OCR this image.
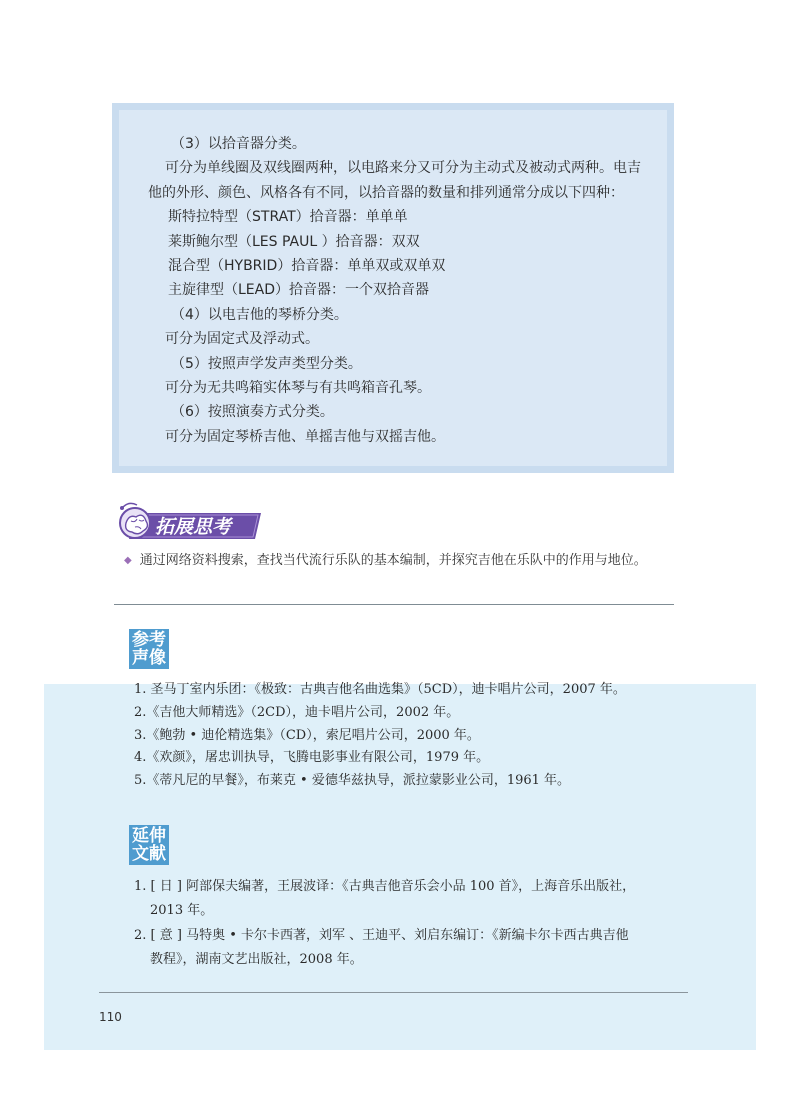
（3）以拾音器分类。
可分为单线圈及双线圈两种，以电路来分又可分为主动式及被动式两种。电吉
他的外形、颜色、风格各有不同，以拾音器的数量和排列通常分成以下四种：
斯特拉特型（STRAT）拾音器：单单单
莱斯鲍尔型（LES PAUL ）拾音器：双双
混合型（HYBRID）拾音器：单单双或双单双
主旋律型（LEAD）拾音器：一个双拾音器
（4）以电吉他的琴桥分类。
可分为固定式及浮动式。
（5）按照声学发声类型分类。
可分为无共鸣箱实体琴与有共鸣箱音孔琴。
（6）按照演奏方式分类。
可分为固定琴桥吉他、单摇吉他与双摇吉他。
拓展思考
◆ 通过网络资料搜索，查找当代流行乐队的基本编制，并探究吉他在乐队中的作用与地位。
参考
声像
1. 圣马丁室内乐团：《极致：古典吉他名曲选集》（5CD），迪卡唱片公司，2007 年。
2.《吉他大师精选》（2CD），迪卡唱片公司，2002 年。
3.《鲍勃 • 迪伦精选集》（CD），索尼唱片公司，2000 年。
4.《欢颜》，屠忠训执导，飞腾电影事业有限公司，1979 年。
5.《蒂凡尼的早餐》，布莱克 • 爱德华兹执导，派拉蒙影业公司，1961 年。
延伸
文献
1. [ 日 ] 阿部保夫编著，王展波译：《古典吉他音乐会小品 100 首》，上海音乐出版社，
2013 年。
2. [ 意 ] 马特奥 • 卡尔卡西著，刘军 、王迪平、刘启东编订：《新编卡尔卡西古典吉他
教程》，湖南文艺出版社，2008 年。
110
